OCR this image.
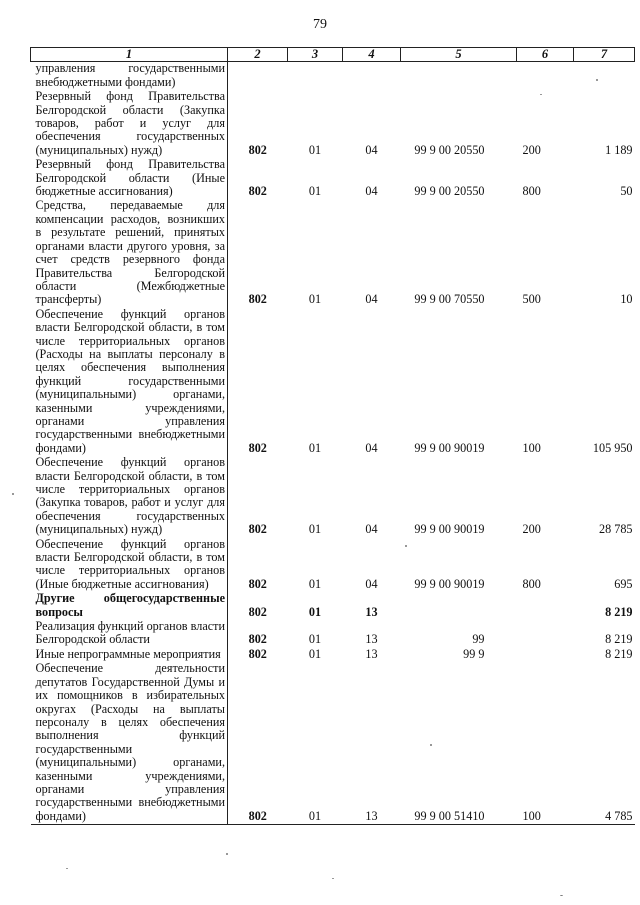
79
1	2	3	4	5	6	7
управления государственными внебюджетными фондами)						
Резервный фонд Правительства Белгородской области (Закупка товаров, работ и услуг для обеспечения государственных (муниципальных) нужд)	802	01	04	99 9 00 20550	200	1 189
Резервный фонд Правительства Белгородской области (Иные бюджетные ассигнования)	802	01	04	99 9 00 20550	800	50
Средства, передаваемые для компенсации расходов, возникших в результате решений, принятых органами власти другого уровня, за счет средств резервного фонда Правительства Белгородской области (Межбюджетные трансферты)	802	01	04	99 9 00 70550	500	10
Обеспечение функций органов власти Белгородской области, в том числе территориальных органов (Расходы на выплаты персоналу в целях обеспечения выполнения функций государственными (муниципальными) органами, казенными учреждениями, органами управления государственными внебюджетными фондами)	802	01	04	99 9 00 90019	100	105 950
Обеспечение функций органов власти Белгородской области, в том числе территориальных органов (Закупка товаров, работ и услуг для обеспечения государственных (муниципальных) нужд)	802	01	04	99 9 00 90019	200	28 785
Обеспечение функций органов власти Белгородской области, в том числе территориальных органов (Иные бюджетные ассигнования)	802	01	04	99 9 00 90019	800	695
Другие общегосударственные вопросы	802	01	13			8 219
Реализация функций органов власти Белгородской области	802	01	13	99		8 219
Иные непрограммные мероприятия	802	01	13	99 9		8 219
Обеспечение деятельности депутатов Государственной Думы и их помощников в избирательных округах (Расходы на выплаты персоналу в целях обеспечения выполнения функций государственными (муниципальными) органами, казенными учреждениями, органами управления государственными внебюджетными фондами)	802	01	13	99 9 00 51410	100	4 785
